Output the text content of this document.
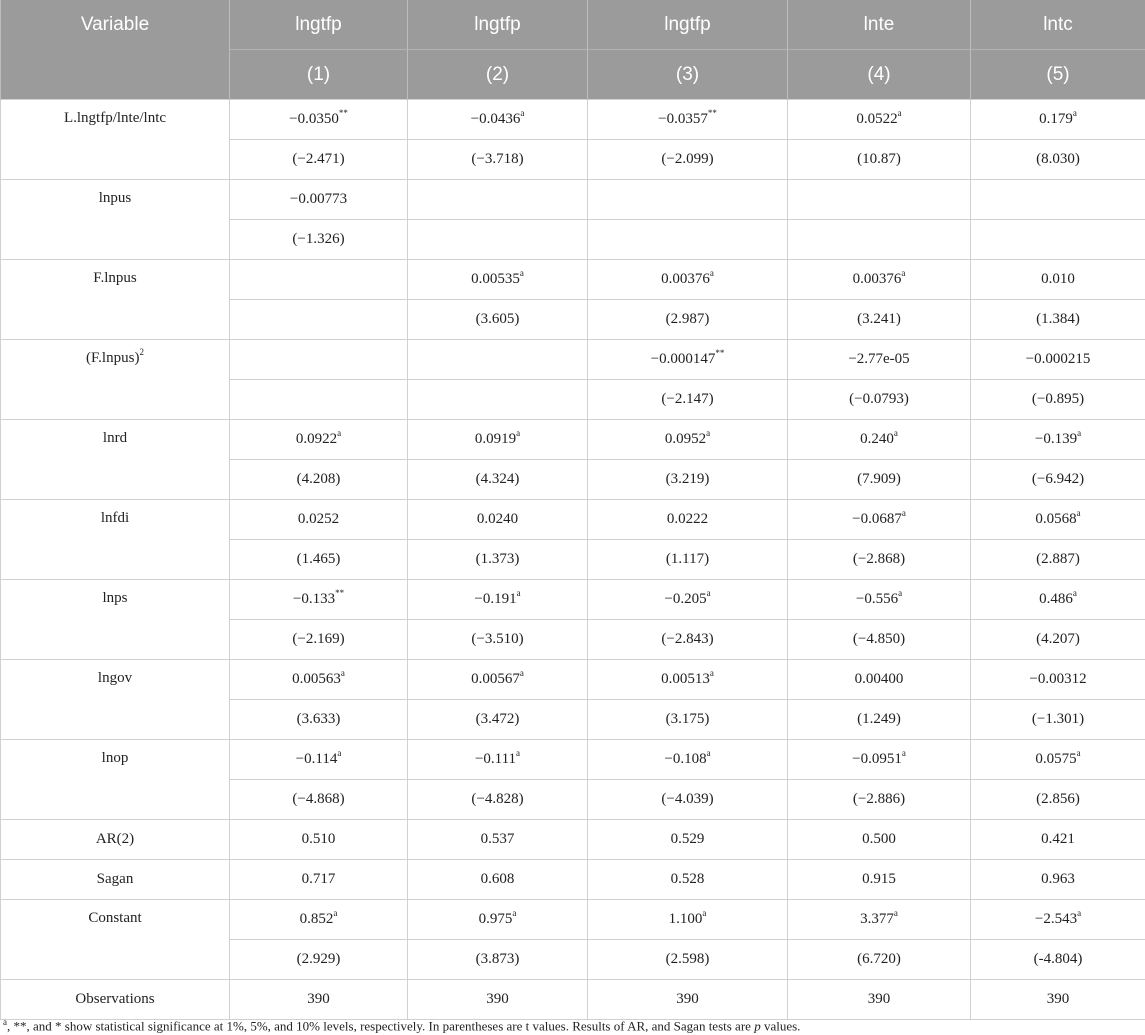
Variable	lngtfp	lngtfp	lngtfp	lnte	lntc
	(1)	(2)	(3)	(4)	(5)
L.lngtfp/lnte/lntc	−0.0350**	−0.0436$^a$	−0.0357**	0.0522$^a$	0.179$^a$
	(−2.471)	(−3.718)	(−2.099)	(10.87)	(8.030)
lnpus	−0.00773				
	(−1.326)				
F.lnpus		0.00535$^a$	0.00376$^a$	0.00376$^a$	0.010
		(3.605)	(2.987)	(3.241)	(1.384)
(F.lnpus)$^2$			−0.000147**	−2.77e-05	−0.000215
			(−2.147)	(−0.0793)	(−0.895)
lnrd	0.0922$^a$	0.0919$^a$	0.0952$^a$	0.240$^a$	−0.139$^a$
	(4.208)	(4.324)	(3.219)	(7.909)	(−6.942)
lnfdi	0.0252	0.0240	0.0222	−0.0687$^a$	0.0568$^a$
	(1.465)	(1.373)	(1.117)	(−2.868)	(2.887)
lnps	−0.133**	−0.191$^a$	−0.205$^a$	−0.556$^a$	0.486$^a$
	(−2.169)	(−3.510)	(−2.843)	(−4.850)	(4.207)
lngov	0.00563$^a$	0.00567$^a$	0.00513$^a$	0.00400	−0.00312
	(3.633)	(3.472)	(3.175)	(1.249)	(−1.301)
lnop	−0.114$^a$	−0.111$^a$	−0.108$^a$	−0.0951$^a$	0.0575$^a$
	(−4.868)	(−4.828)	(−4.039)	(−2.886)	(2.856)
AR(2)	0.510	0.537	0.529	0.500	0.421
Sagan	0.717	0.608	0.528	0.915	0.963
Constant	0.852$^a$	0.975$^a$	1.100$^a$	3.377$^a$	−2.543$^a$
	(2.929)	(3.873)	(2.598)	(6.720)	(-4.804)
Observations	390	390	390	390	390
$^a$, **, and * show statistical significance at 1%, 5%, and 10% levels, respectively. In parentheses are t values. Results of AR, and Sagan tests are p values.
